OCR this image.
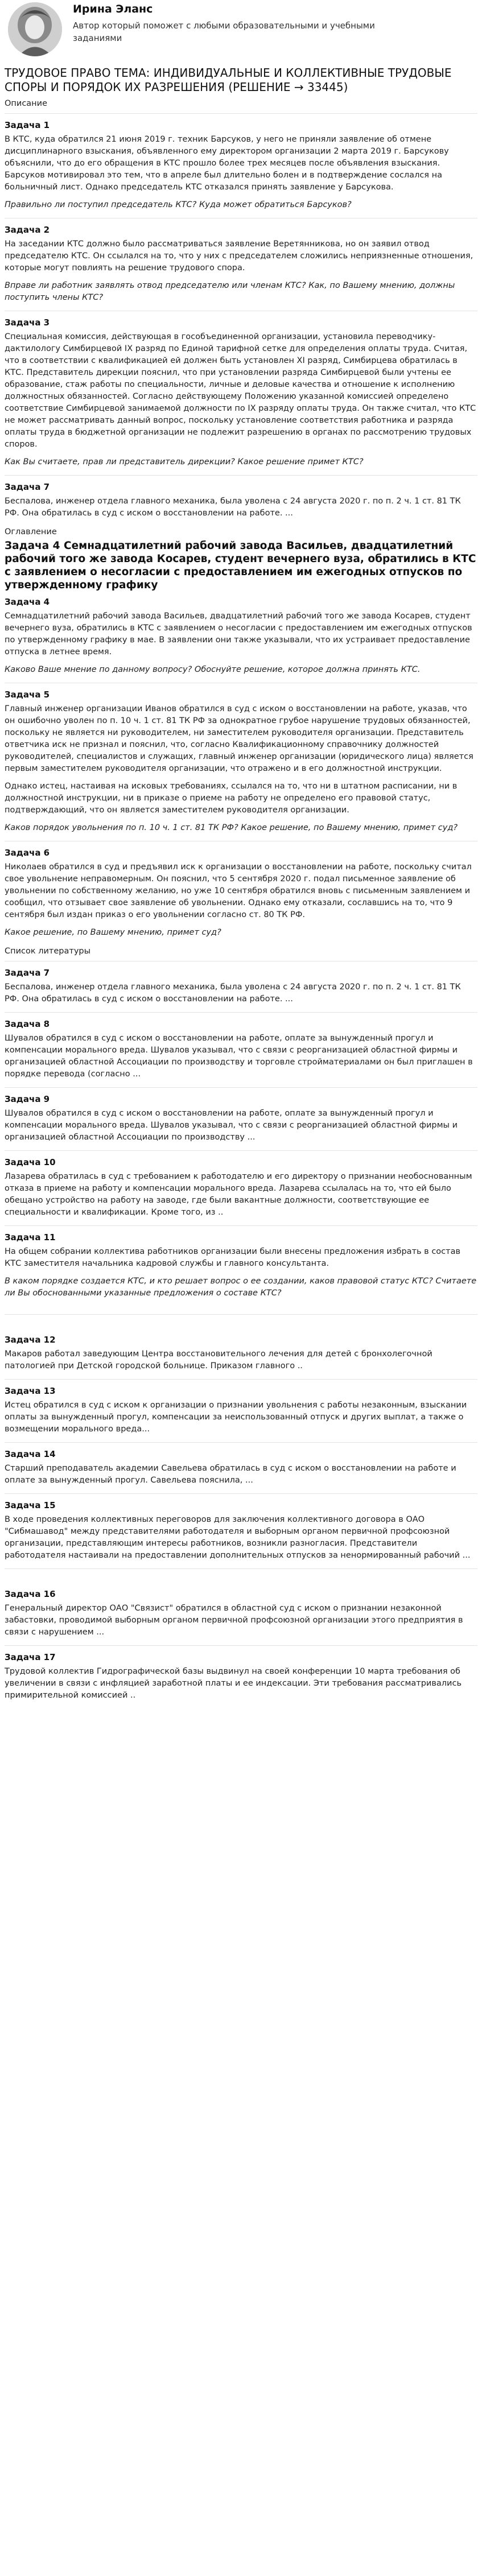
Ирина Эланс
Автор который поможет с любыми образовательными и учебными заданиями
ТРУДОВОЕ ПРАВО ТЕМА: ИНДИВИДУАЛЬНЫЕ И КОЛЛЕКТИВНЫЕ ТРУДОВЫЕ СПОРЫ И ПОРЯДОК ИХ РАЗРЕШЕНИЯ (РЕШЕНИЕ → 33445)
Описание
Задача 1

В КТС, куда обратился 21 июня 2019 г. техник Барсуков, у него не приняли заявление об отмене дисциплинарного взыскания, объявленного ему директором организации 2 марта 2019 г. Барсукову объяснили, что до его обращения в КТС прошло более трех месяцев после объявления взыскания. Барсуков мотивировал это тем, что в апреле был длительно болен и в подтверждение сослался на больничный лист. Однако председатель КТС отказался принять заявление у Барсукова.

Правильно ли поступил председатель КТС? Куда может обратиться Барсуков?

Задача 2

На заседании КТС должно было рассматриваться заявление Веретянникова, но он заявил отвод председателю КТС. Он ссылался на то, что у них с председателем сложились неприязненные отношения, которые могут повлиять на решение трудового спора.

Вправе ли работник заявлять отвод председателю или членам КТС? Как, по Вашему мнению, должны поступить члены КТС?

Задача 3

Специальная комиссия, действующая в гособъединенной организации, установила переводчику-дактилологу Симбирцевой IX разряд по Единой тарифной сетке для определения оплаты труда. Считая, что в соответствии с квалификацией ей должен быть установлен XI разряд, Симбирцева обратилась в КТС. Представитель дирекции пояснил, что при установлении разряда Симбирцевой были учтены ее образование, стаж работы по специальности, личные и деловые качества и отношение к исполнению должностных обязанностей. Согласно действующему Положению указанной комиссией определено соответствие Симбирцевой занимаемой должности по IX разряду оплаты труда. Он также считал, что КТС не может рассматривать данный вопрос, поскольку установление соответствия работника и разряда оплаты труда в бюджетной организации не подлежит разрешению в органах по рассмотрению трудовых споров.

Как Вы считаете, прав ли представитель дирекции? Какое решение примет КТС?

Задача 7

Беспалова, инженер отдела главного механика, была уволена с 24 августа 2020 г. по п. 2 ч. 1 ст. 81 ТК РФ. Она обратилась в суд с иском о восстановлении на работе. ...

Оглавление
Задача 4 Семнадцатилетний рабочий завода Васильев, двадцатилетний рабочий того же завода Косарев, студент вечернего вуза, обратились в КТС с заявлением о несогласии с предоставлением им ежегодных отпусков по утвержденному графику
Задача 4

Семнадцатилетний рабочий завода Васильев, двадцатилетний рабочий того же завода Косарев, студент вечернего вуза, обратились в КТС с заявлением о несогласии с предоставлением им ежегодных отпусков по утвержденному графику в мае. В заявлении они также указывали, что их устраивает предоставление отпуска в летнее время.

Каково Ваше мнение по данному вопросу? Обоснуйте решение, которое должна принять КТС.

Задача 5

Главный инженер организации Иванов обратился в суд с иском о восстановлении на работе, указав, что он ошибочно уволен по п. 10 ч. 1 ст. 81 ТК РФ за однократное грубое нарушение трудовых обязанностей, поскольку не является ни руководителем, ни заместителем руководителя организации. Представитель ответчика иск не признал и пояснил, что, согласно Квалификационному справочнику должностей руководителей, специалистов и служащих, главный инженер организации (юридического лица) является первым заместителем руководителя организации, что отражено и в его должностной инструкции.

Однако истец, настаивая на исковых требованиях, ссылался на то, что ни в штатном расписании, ни в должностной инструкции, ни в приказе о приеме на работу не определено его правовой статус, подтверждающий, что он является заместителем руководителя организации.

Каков порядок увольнения по п. 10 ч. 1 ст. 81 ТК РФ? Какое решение, по Вашему мнению, примет суд?

Задача 6

Николаев обратился в суд и предъявил иск к организации о восстановлении на работе, поскольку считал свое увольнение неправомерным. Он пояснил, что 5 сентября 2020 г. подал письменное заявление об увольнении по собственному желанию, но уже 10 сентября обратился вновь с письменным заявлением и сообщил, что отзывает свое заявление об увольнении. Однако ему отказали, сославшись на то, что 9 сентября был издан приказ о его увольнении согласно ст. 80 ТК РФ.

Какое решение, по Вашему мнению, примет суд?

Список литературы
Задача 7

Беспалова, инженер отдела главного механика, была уволена с 24 августа 2020 г. по п. 2 ч. 1 ст. 81 ТК РФ. Она обратилась в суд с иском о восстановлении на работе. ...

Задача 8

Шувалов обратился в суд с иском о восстановлении на работе, оплате за вынужденный прогул и компенсации морального вреда. Шувалов указывал, что с связи с реорганизацией областной фирмы и организацией областной Ассоциации по производству и торговле стройматериалами он был приглашен в порядке перевода (согласно ...

Задача 9

Шувалов обратился в суд с иском о восстановлении на работе, оплате за вынужденный прогул и компенсации морального вреда. Шувалов указывал, что с связи с реорганизацией областной фирмы и организацией областной Ассоциации по производству ...

Задача 10

Лазарева обратилась в суд с требованием к работодателю и его директору о признании необоснованным отказа в приеме на работу и компенсации морального вреда. Лазарева ссылалась на то, что ей было обещано устройство на работу на заводе, где были вакантные должности, соответствующие ее специальности и квалификации. Кроме того, из ..

Задача 11

На общем собрании коллектива работников организации были внесены предложения избрать в состав КТС заместителя начальника кадровой службы и главного консультанта.

В каком порядке создается КТС, и кто решает вопрос о ее создании, каков правовой статус КТС? Считаете ли Вы обоснованными указанные предложения о составе КТС?

Задача 12

Макаров работал заведующим Центра восстановительного лечения для детей с бронхолегочной патологией при Детской городской больнице. Приказом главного ..

Задача 13

Истец обратился в суд с иском к организации о признании увольнения с работы незаконным, взыскании оплаты за вынужденный прогул, компенсации за неиспользованный отпуск и других выплат, а также о возмещении морального вреда...

Задача 14

Старший преподаватель академии Савельева обратилась в суд с иском о восстановлении на работе и оплате за вынужденный прогул. Савельева пояснила, ...

Задача 15

В ходе проведения коллективных переговоров для заключения коллективного договора в ОАО "Сибмашавод" между представителями работодателя и выборным органом первичной профсоюзной организации, представляющим интересы работников, возникли разногласия. Представители работодателя настаивали на предоставлении дополнительных отпусков за ненормированный рабочий ...

Задача 16

Генеральный директор ОАО "Связист" обратился в областной суд с иском о признании незаконной забастовки, проводимой выборным органом первичной профсоюзной организации этого предприятия в связи с нарушением ...

Задача 17

Трудовой коллектив Гидрографической базы выдвинул на своей конференции 10 марта требования об увеличении в связи с инфляцией заработной платы и ее индексации. Эти требования рассматривались примирительной комиссией ..
